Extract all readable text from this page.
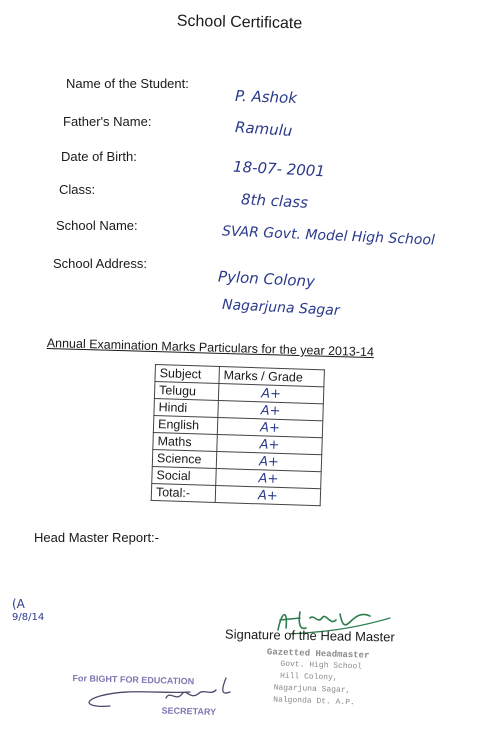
School Certificate
Name of the Student:
P. Ashok
Father's Name:	Ramulu
Date of Birth:
18-07- 2001
Class:
8th class
School Name:	SVAR Govt. Model High School
School Address:
Pylon Colony
Nagarjuna Sagar
Annual Examination Marks Particulars for the year 2013-14
Subject	Marks / Grade
Telugu	A+
Hindi	A+
English	A+
Maths	A+
Science	A+
Social	A+
Total:-	A+
Head Master Report:-
(A
9/8/14
Signature of the Head Master
Gazetted Headmaster
Govt. High School
Hill Colony,
Nagarjuna Sagar,
Nalgonda Dt. A.P.
For BIGHT FOR EDUCATION
SECRETARY
